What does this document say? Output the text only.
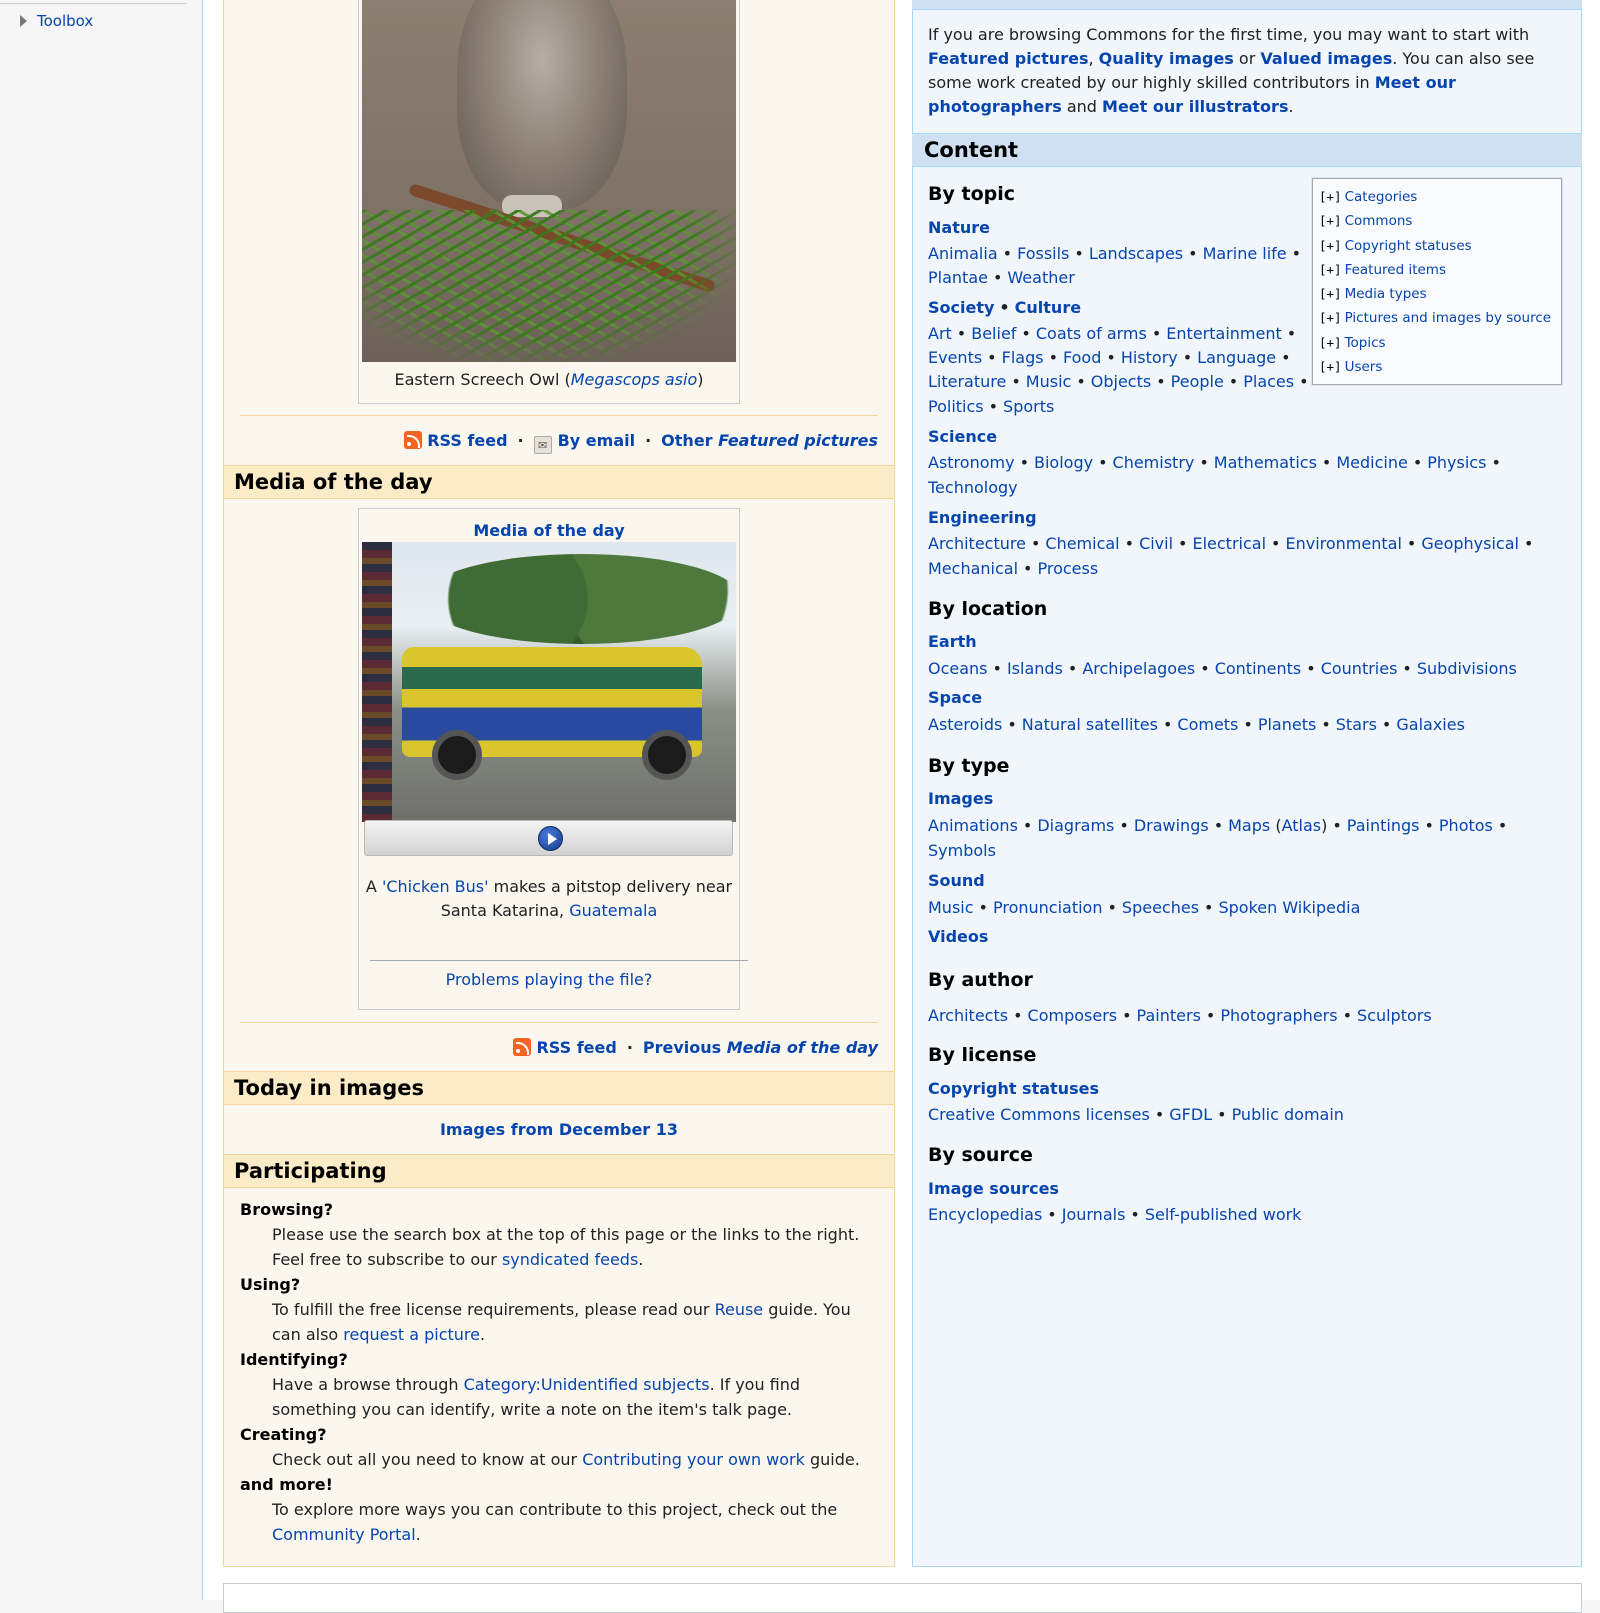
Toolbox
Eastern Screech Owl (Megascops asio)
RSS feed · ✉ By email · Other Featured pictures
Media of the day
Media of the day
A 'Chicken Bus' makes a pitstop delivery near
Santa Katarina, Guatemala
Problems playing the file?
RSS feed · Previous Media of the day
Today in images
Images from December 13
Participating
Browsing?
Please use the search box at the top of this page or the links to the right.
Feel free to subscribe to our syndicated feeds.
Using?
To fulfill the free license requirements, please read our Reuse guide. You
can also request a picture.
Identifying?
Have a browse through Category:Unidentified subjects. If you find
something you can identify, write a note on the item's talk page.
Creating?
Check out all you need to know at our Contributing your own work guide.
and more!
To explore more ways you can contribute to this project, check out the
Community Portal.
If you are browsing Commons for the first time, you may want to start with
Featured pictures, Quality images or Valued images. You can also see
some work created by our highly skilled contributors in Meet our
photographers and Meet our illustrators.
Content
By topic
Nature
Animalia • Fossils • Landscapes • Marine life •
Plantae • Weather
Society • Culture
Art • Belief • Coats of arms • Entertainment •
Events • Flags • Food • History • Language •
Literature • Music • Objects • People • Places •
Politics • Sports
Science
Astronomy • Biology • Chemistry • Mathematics • Medicine • Physics •
Technology
Engineering
Architecture • Chemical • Civil • Electrical • Environmental • Geophysical •
Mechanical • Process
By location
Earth
Oceans • Islands • Archipelagoes • Continents • Countries • Subdivisions
Space
Asteroids • Natural satellites • Comets • Planets • Stars • Galaxies
By type
Images
Animations • Diagrams • Drawings • Maps (Atlas) • Paintings • Photos •
Symbols
Sound
Music • Pronunciation • Speeches • Spoken Wikipedia
Videos
By author
Architects • Composers • Painters • Photographers • Sculptors
By license
Copyright statuses
Creative Commons licenses • GFDL • Public domain
By source
Image sources
Encyclopedias • Journals • Self-published work
[+] Categories
[+] Commons
[+] Copyright statuses
[+] Featured items
[+] Media types
[+] Pictures and images by source
[+] Topics
[+] Users
